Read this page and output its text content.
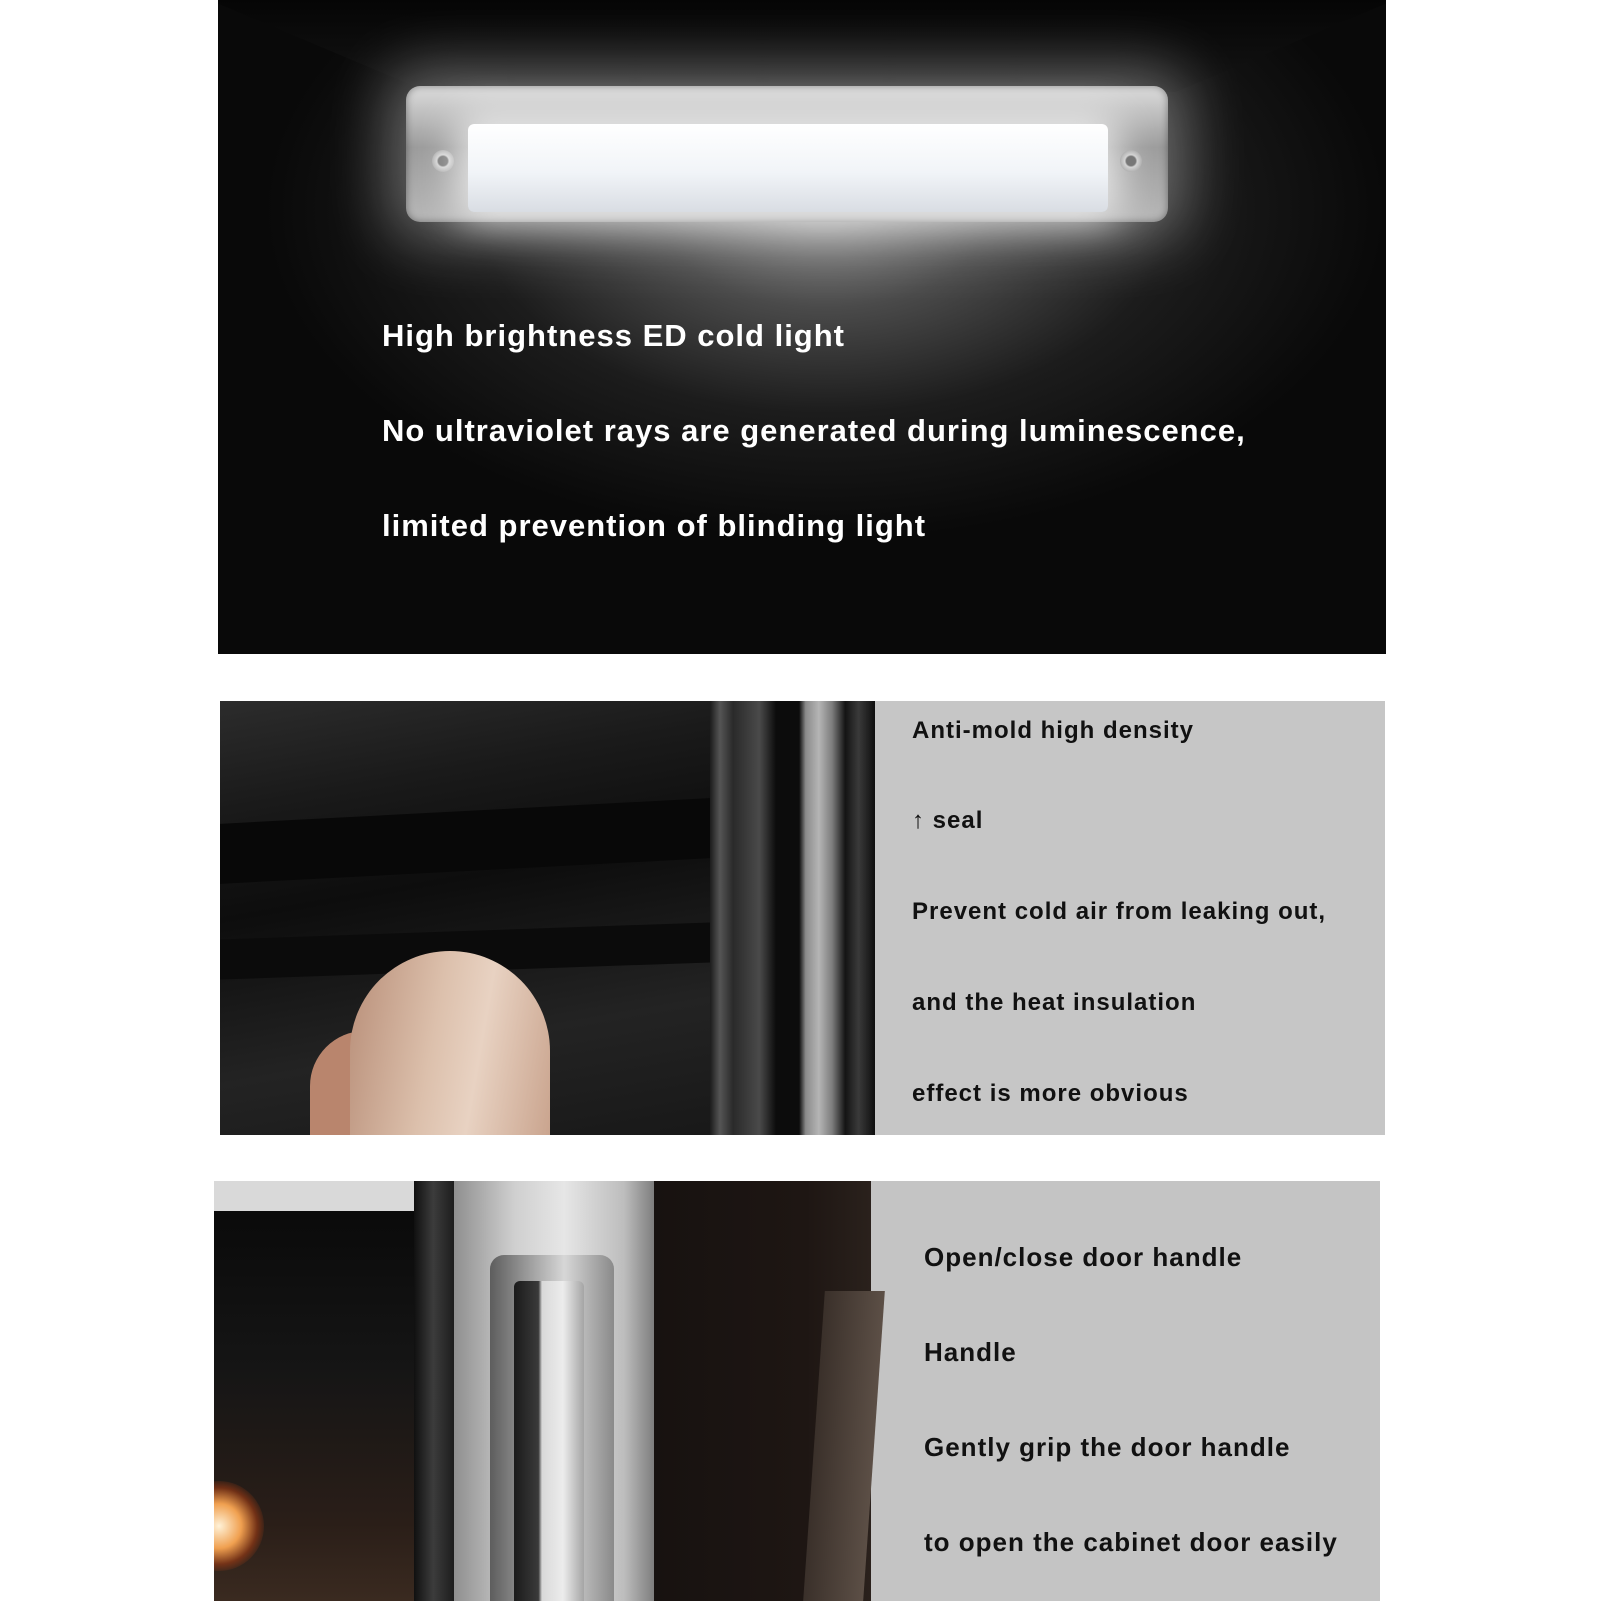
High brightness ED cold light
No ultraviolet rays are generated during luminescence,
limited prevention of blinding light
Anti-mold high density
↑ seal
Prevent cold air from leaking out,
and the heat insulation
effect is more obvious
Open/close door handle
Handle
Gently grip the door handle
to open the cabinet door easily
